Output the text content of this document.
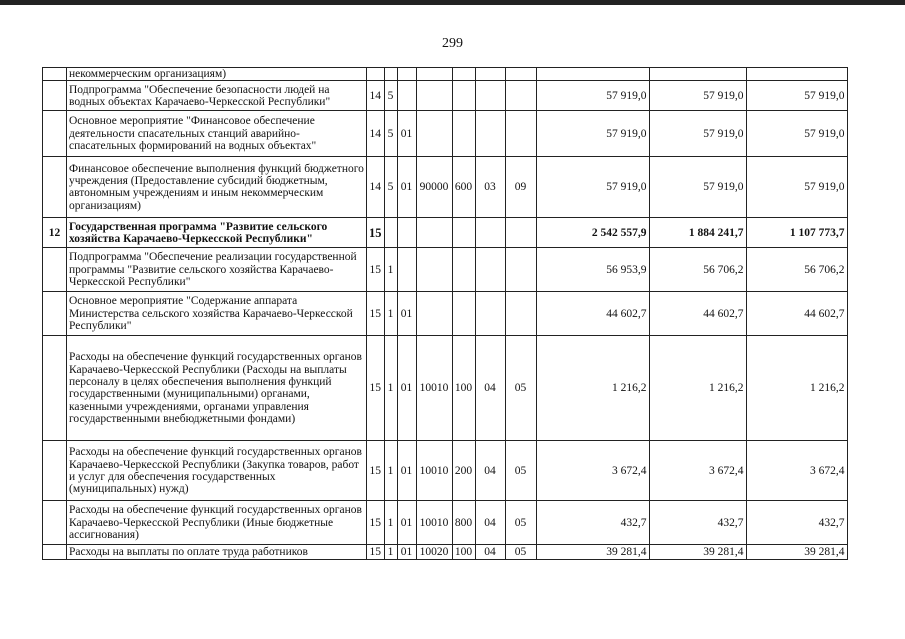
299
	некоммерческим организациям)										
	Подпрограмма "Обеспечение безопасности людей на водных объектах Карачаево-Черкесской Республики"	14	5						57 919,0	57 919,0	57 919,0
	Основное мероприятие "Финансовое обеспечение деятельности спасательных станций аварийно-спасательных формирований на водных объектах"	14	5	01					57 919,0	57 919,0	57 919,0
	Финансовое обеспечение выполнения функций бюджетного учреждения (Предоставление субсидий бюджетным, автономным учреждениям и иным некоммерческим организациям)	14	5	01	90000	600	03	09	57 919,0	57 919,0	57 919,0
12	Государственная программа "Развитие сельского хозяйства Карачаево-Черкесской Республики"	15							2 542 557,9	1 884 241,7	1 107 773,7
	Подпрограмма "Обеспечение реализации государственной программы "Развитие сельского хозяйства Карачаево-Черкесской Республики"	15	1						56 953,9	56 706,2	56 706,2
	Основное мероприятие "Содержание аппарата Министерства сельского хозяйства Карачаево-Черкесской Республики"	15	1	01					44 602,7	44 602,7	44 602,7
	Расходы на обеспечение функций государственных органов Карачаево-Черкесской Республики (Расходы на выплаты персоналу в целях обеспечения выполнения функций государственными (муниципальными) органами, казенными учреждениями, органами управления государственными внебюджетными фондами)	15	1	01	10010	100	04	05	1 216,2	1 216,2	1 216,2
	Расходы на обеспечение функций государственных органов Карачаево-Черкесской Республики (Закупка товаров, работ и услуг для обеспечения государственных (муниципальных) нужд)	15	1	01	10010	200	04	05	3 672,4	3 672,4	3 672,4
	Расходы на обеспечение функций государственных органов Карачаево-Черкесской Республики (Иные бюджетные ассигнования)	15	1	01	10010	800	04	05	432,7	432,7	432,7
	Расходы на выплаты по оплате труда работников	15	1	01	10020	100	04	05	39 281,4	39 281,4	39 281,4
